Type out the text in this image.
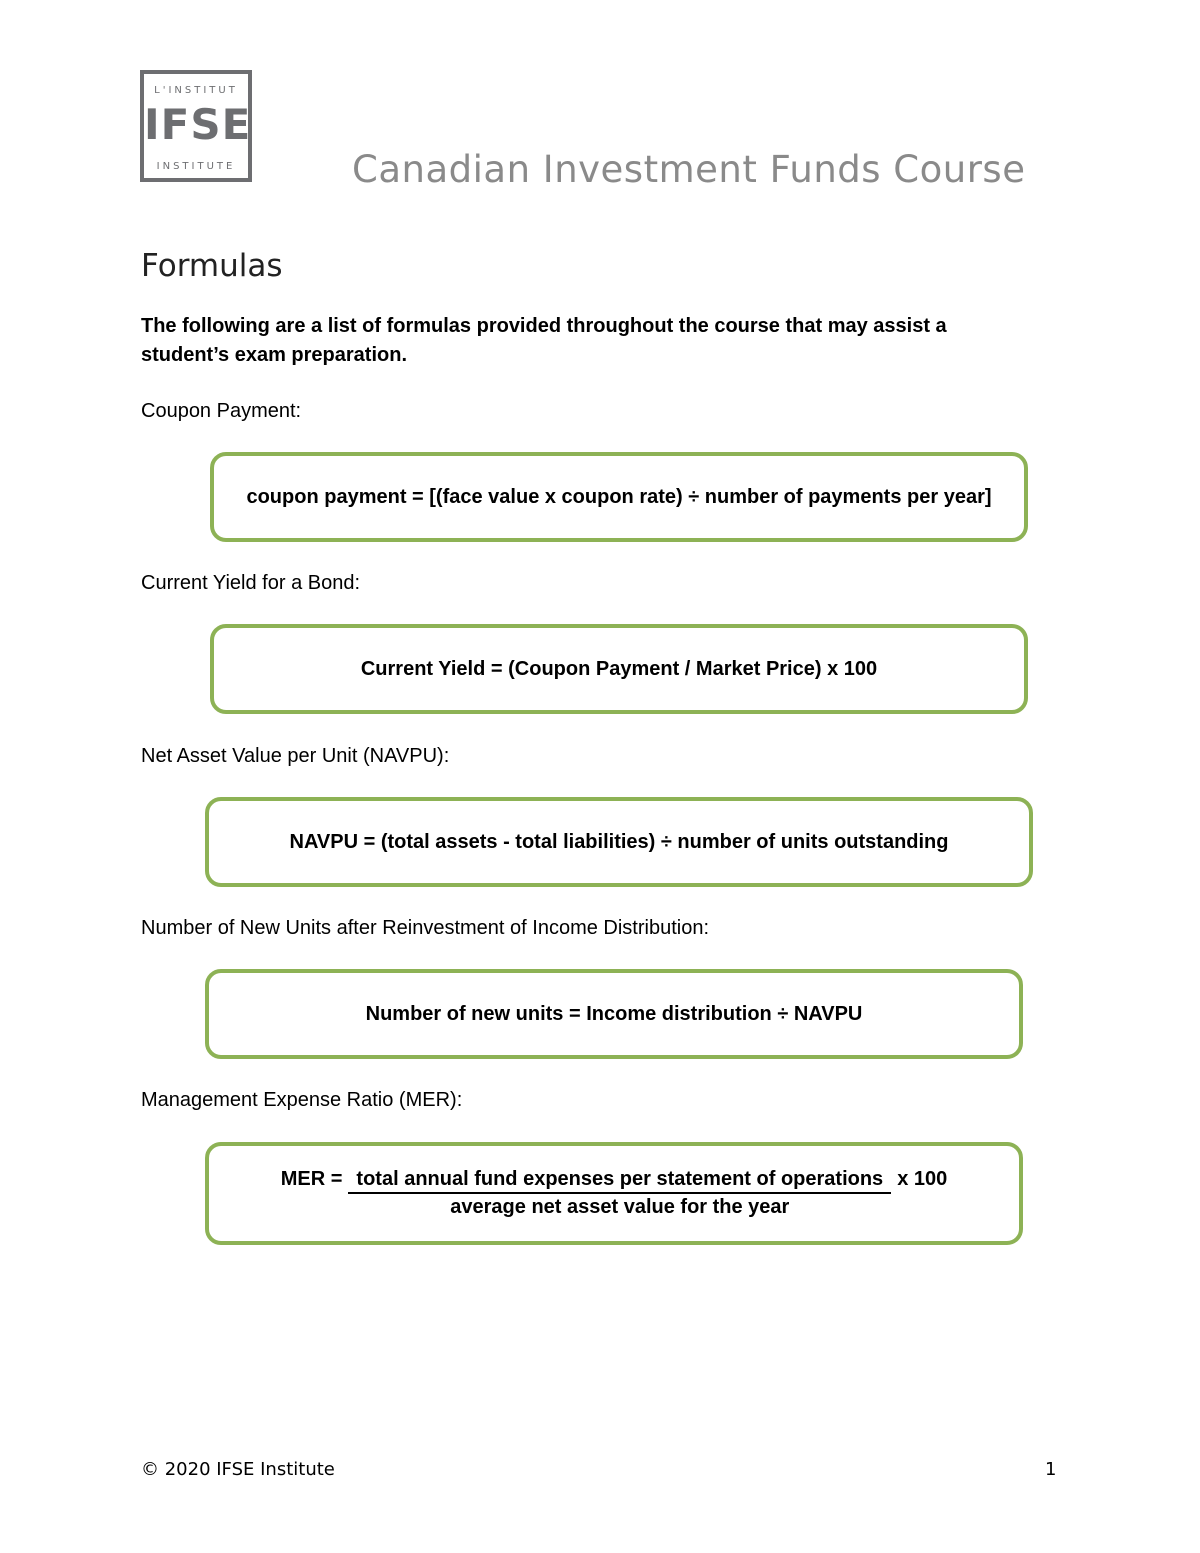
L'INSTITUT
IFSE
INSTITUTE	Canadian Investment Funds Course
Formulas
The following are a list of formulas provided throughout the course that may assist a student’s exam preparation.
Coupon Payment:
coupon payment = [(face value x coupon rate) ÷ number of payments per year]
Current Yield for a Bond:
Current Yield = (Coupon Payment / Market Price) x 100
Net Asset Value per Unit (NAVPU):
NAVPU = (total assets - total liabilities) ÷ number of units outstanding
Number of New Units after Reinvestment of Income Distribution:
Number of new units = Income distribution ÷ NAVPU
Management Expense Ratio (MER):
MER = $\frac{\text{total annual fund expenses per statement of operations}}{\text{average net asset value for the year}}$ x 100
© 2020 IFSE Institute	1
